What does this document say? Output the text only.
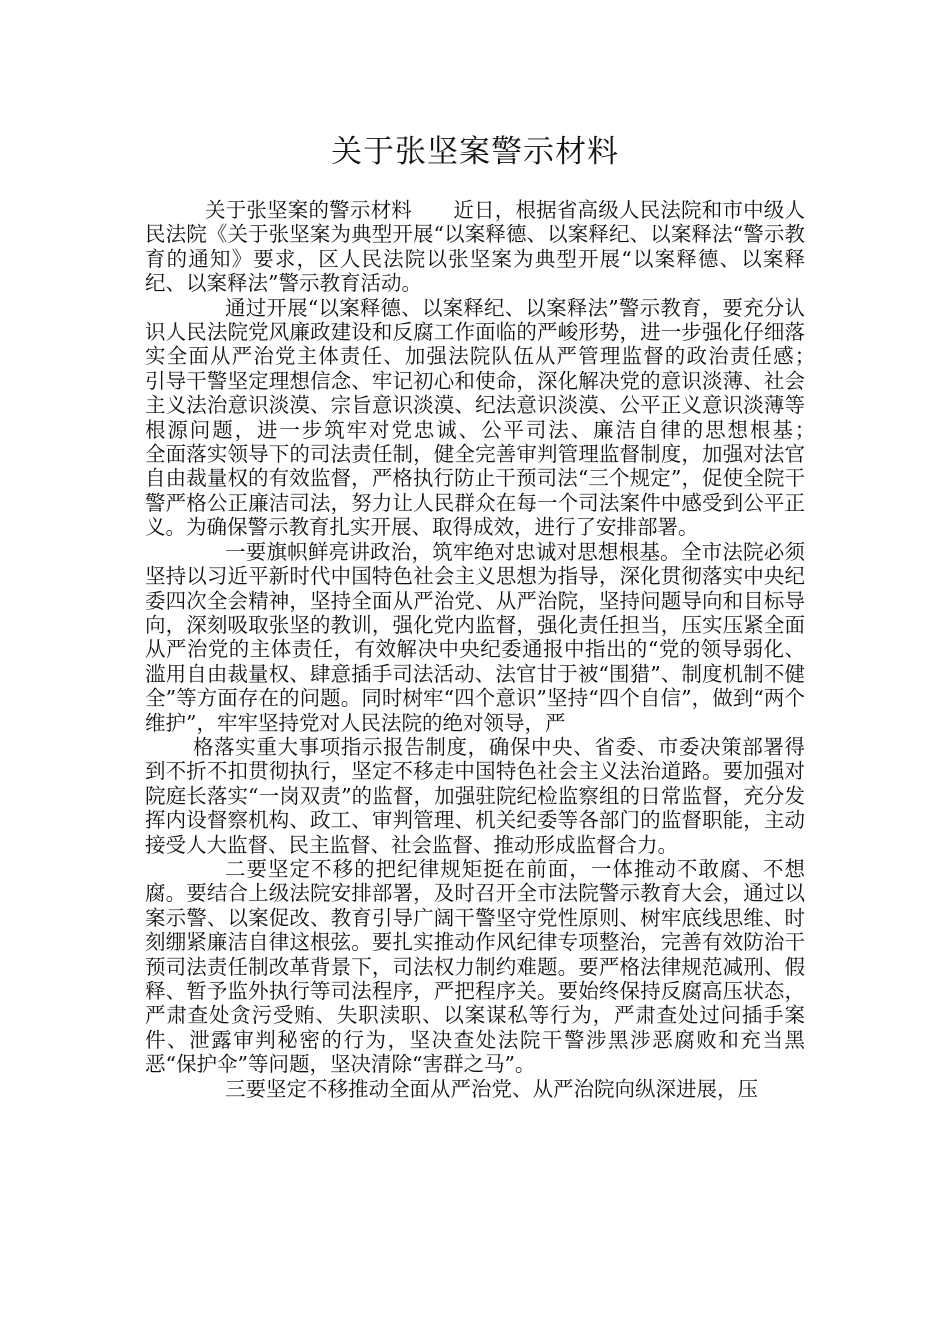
关于张坚案警示材料

关于张坚案的警示材料　　近日，根据省高级人民法院和市中级人民法院《关于张坚案为典型开展“以案释德、以案释纪、以案释法“警示教育的通知》要求，区人民法院以张坚案为典型开展“以案释德、以案释纪、以案释法”警示教育活动。

通过开展“以案释德、以案释纪、以案释法”警示教育，要充分认识人民法院党风廉政建设和反腐工作面临的严峻形势，进一步强化仔细落实全面从严治党主体责任、加强法院队伍从严管理监督的政治责任感；　　引导干警坚定理想信念、牢记初心和使命，深化解决党的意识淡薄、社会主义法治意识淡漠、宗旨意识淡漠、纪法意识淡漠、公平正义意识淡薄等根源问题，进一步筑牢对党忠诚、公平司法、廉洁自律的思想根基；　　全面落实领导下的司法责任制，健全完善审判管理监督制度，加强对法官自由裁量权的有效监督，严格执行防止干预司法“三个规定”，促使全院干警严格公正廉洁司法，努力让人民群众在每一个司法案件中感受到公平正义。为确保警示教育扎实开展、取得成效，进行了安排部署。

一要旗帜鲜亮讲政治，筑牢绝对忠诚对思想根基。全市法院必须坚持以习近平新时代中国特色社会主义思想为指导，深化贯彻落实中央纪委四次全会精神，坚持全面从严治党、从严治院，坚持问题导向和目标导向，深刻吸取张坚的教训，强化党内监督，强化责任担当，压实压紧全面从严治党的主体责任，有效解决中央纪委通报中指出的“党的领导弱化、滥用自由裁量权、肆意插手司法活动、法官甘于被“围猎”、制度机制不健全”等方面存在的问题。同时树牢“四个意识”坚持“四个自信”，做到“两个维护”，牢牢坚持党对人民法院的绝对领导，严

格落实重大事项指示报告制度，确保中央、省委、市委决策部署得到不折不扣贯彻执行，坚定不移走中国特色社会主义法治道路。要加强对院庭长落实“一岗双责”的监督，加强驻院纪检监察组的日常监督，充分发挥内设督察机构、政工、审判管理、机关纪委等各部门的监督职能，主动接受人大监督、民主监督、社会监督、推动形成监督合力。

二要坚定不移的把纪律规矩挺在前面，一体推动不敢腐、不想腐。要结合上级法院安排部署，及时召开全市法院警示教育大会，通过以案示警、以案促改、教育引导广阔干警坚守党性原则、树牢底线思维、时刻绷紧廉洁自律这根弦。要扎实推动作风纪律专项整治，完善有效防治干预司法责任制改革背景下，司法权力制约难题。要严格法律规范减刑、假释、暂予监外执行等司法程序，严把程序关。要始终保持反腐高压状态，严肃查处贪污受贿、失职渎职、以案谋私等行为，严肃查处过问插手案件、泄露审判秘密的行为，坚决查处法院干警涉黑涉恶腐败和充当黑恶“保护伞”等问题，坚决清除“害群之马”。

三要坚定不移推动全面从严治党、从严治院向纵深进展，压
